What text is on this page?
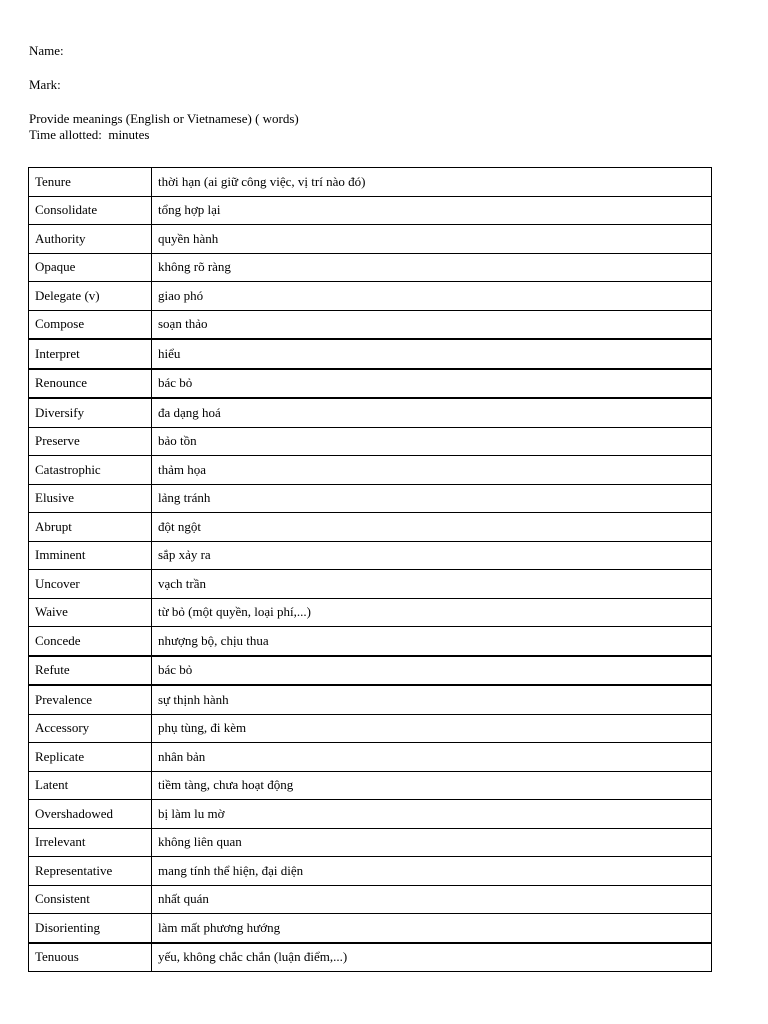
Name:
Mark:
Provide meanings (English or Vietnamese) ( words)
Time allotted:  minutes
Tenure	thời hạn (ai giữ công việc, vị trí nào đó)
Consolidate	tổng hợp lại
Authority	quyền hành
Opaque	không rõ ràng
Delegate (v)	giao phó
Compose	soạn thảo
Interpret	hiểu
Renounce	bác bỏ
Diversify	đa dạng hoá
Preserve	bảo tồn
Catastrophic	thảm họa
Elusive	lảng tránh
Abrupt	đột ngột
Imminent	sắp xảy ra
Uncover	vạch trần
Waive	từ bỏ (một quyền, loại phí,...)
Concede	nhượng bộ, chịu thua
Refute	bác bỏ
Prevalence	sự thịnh hành
Accessory	phụ tùng, đi kèm
Replicate	nhân bản
Latent	tiềm tàng, chưa hoạt động
Overshadowed	bị làm lu mờ
Irrelevant	không liên quan
Representative	mang tính thể hiện, đại diện
Consistent	nhất quán
Disorienting	làm mất phương hướng
Tenuous	yếu, không chắc chắn (luận điểm,...)
